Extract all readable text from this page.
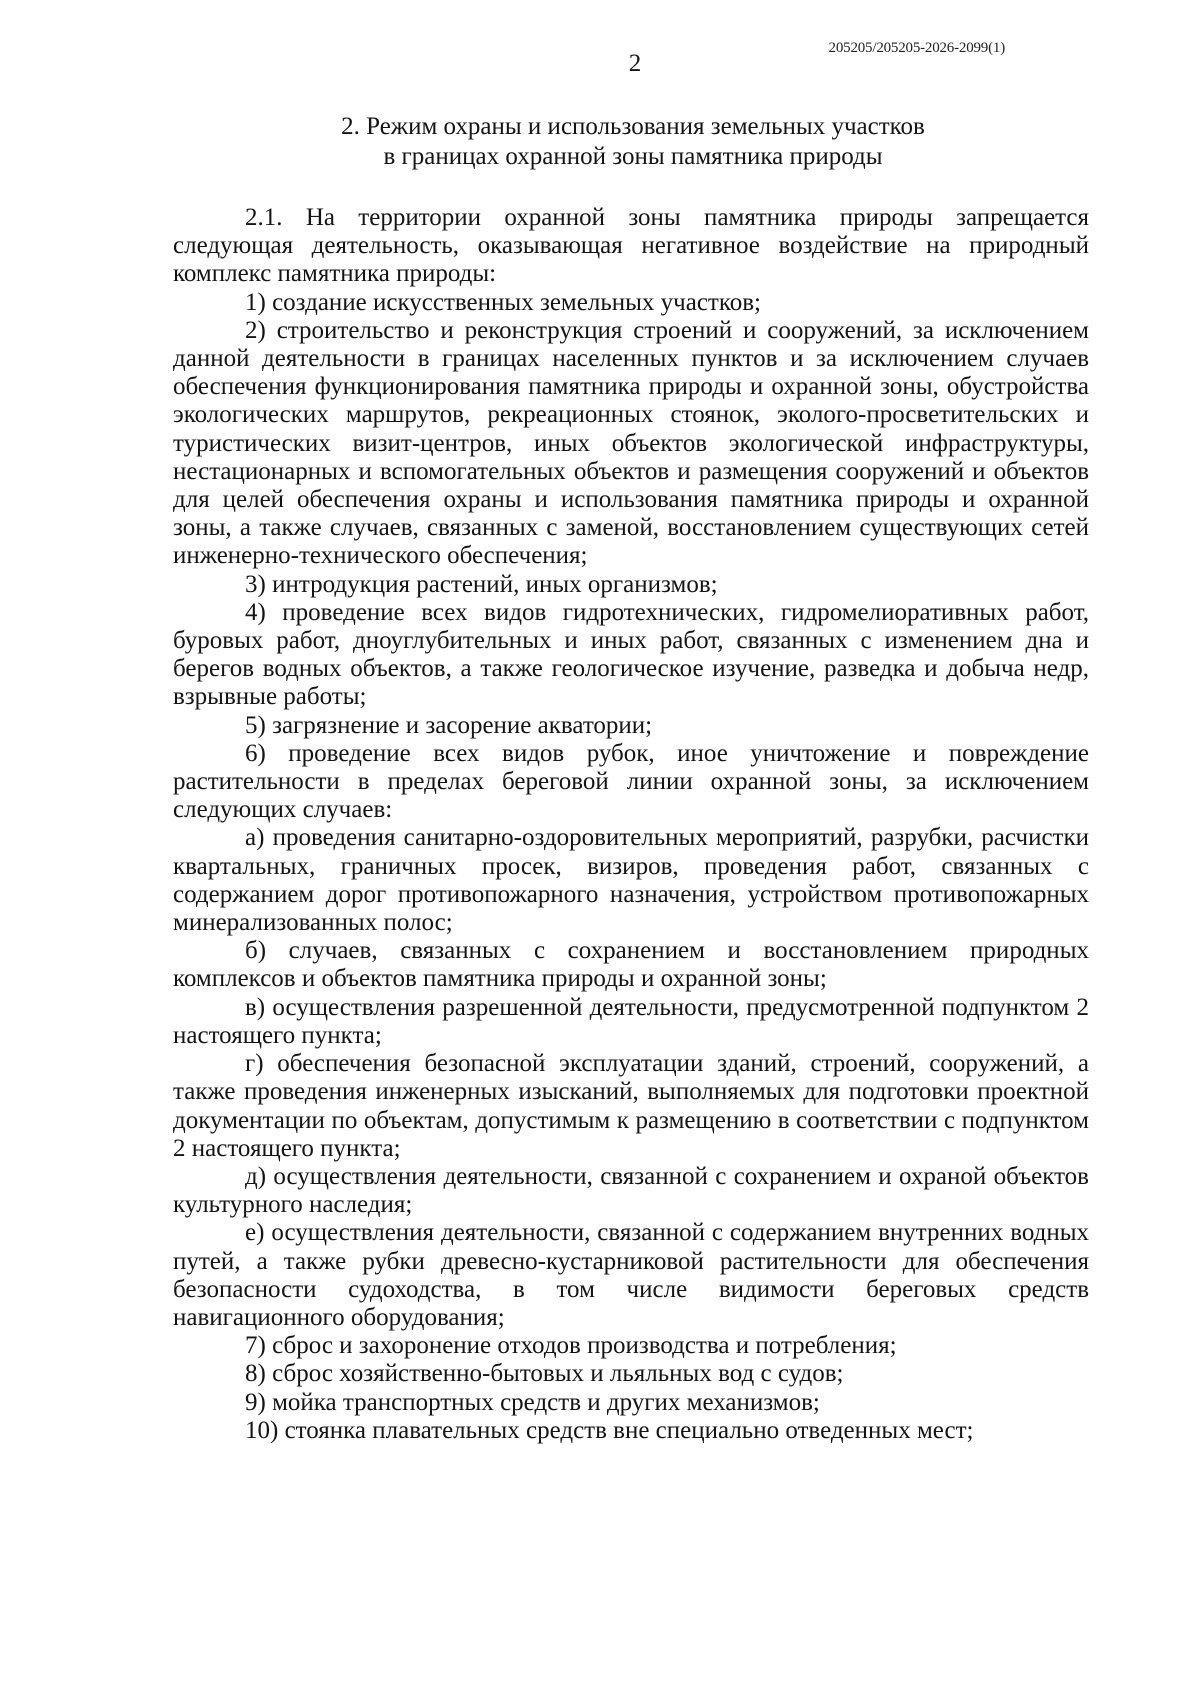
205205/205205-2026-2099(1)
2
2. Режим охраны и использования земельных участков
в границах охранной зоны памятника природы

2.1. На территории охранной зоны памятника природы запрещается следующая деятельность, оказывающая негативное воздействие на природный комплекс памятника природы:

1) создание искусственных земельных участков;

2) строительство и реконструкция строений и сооружений, за исключением данной деятельности в границах населенных пунктов и за исключением случаев обеспечения функционирования памятника природы и охранной зоны, обустройства экологических маршрутов, рекреационных стоянок, эколого-просветительских и туристических визит-центров, иных объектов экологической инфраструктуры, нестационарных и вспомогательных объектов и размещения сооружений и объектов для целей обеспечения охраны и использования памятника природы и охранной зоны, а также случаев, связанных с заменой, восстановлением существующих сетей инженерно-технического обеспечения;

3) интродукция растений, иных организмов;

4) проведение всех видов гидротехнических, гидромелиоративных работ, буровых работ, дноуглубительных и иных работ, связанных с изменением дна и берегов водных объектов, а также геологическое изучение, разведка и добыча недр, взрывные работы;

5) загрязнение и засорение акватории;

6) проведение всех видов рубок, иное уничтожение и повреждение растительности в пределах береговой линии охранной зоны, за исключением следующих случаев:

а) проведения санитарно-оздоровительных мероприятий, разрубки, расчистки квартальных, граничных просек, визиров, проведения работ, связанных с содержанием дорог противопожарного назначения, устройством противопожарных минерализованных полос;

б) случаев, связанных с сохранением и восстановлением природных комплексов и объектов памятника природы и охранной зоны;

в) осуществления разрешенной деятельности, предусмотренной подпунктом 2 настоящего пункта;

г) обеспечения безопасной эксплуатации зданий, строений, сооружений, а также проведения инженерных изысканий, выполняемых для подготовки проектной документации по объектам, допустимым к размещению в соответствии с подпунктом 2 настоящего пункта;

д) осуществления деятельности, связанной с сохранением и охраной объектов культурного наследия;

е) осуществления деятельности, связанной с содержанием внутренних водных путей, а также рубки древесно-кустарниковой растительности для обеспечения безопасности судоходства, в том числе видимости береговых средств навигационного оборудования;

7) сброс и захоронение отходов производства и потребления;

8) сброс хозяйственно-бытовых и льяльных вод с судов;

9) мойка транспортных средств и других механизмов;

10) стоянка плавательных средств вне специально отведенных мест;
